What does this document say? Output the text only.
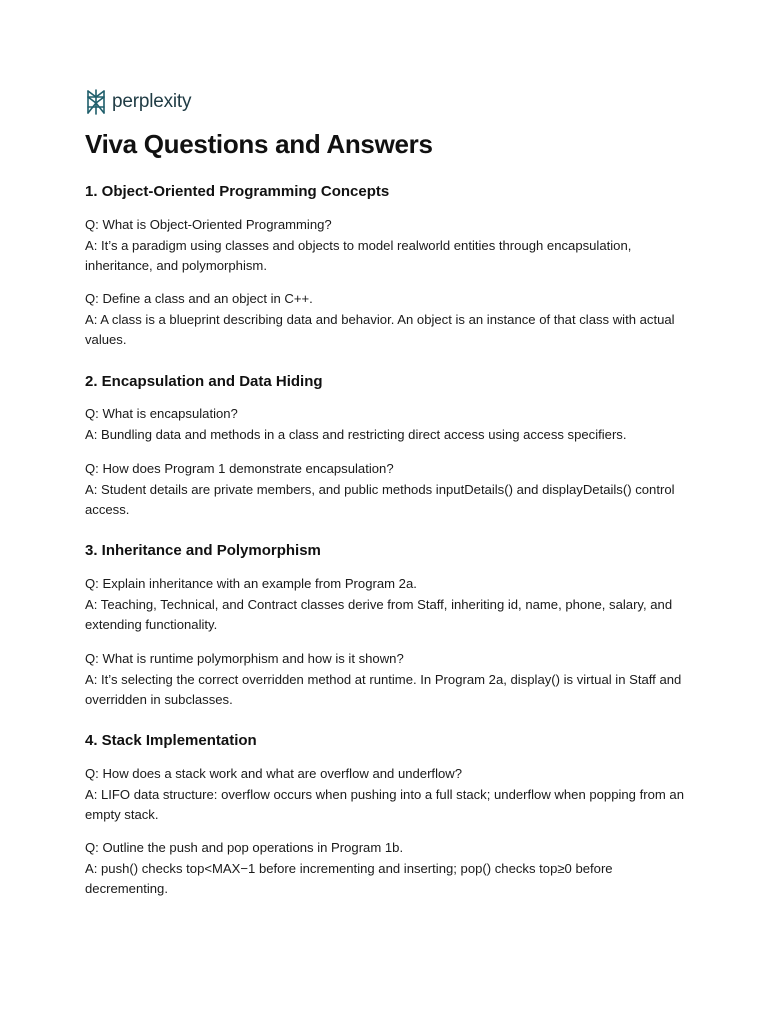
perplexity
Viva Questions and Answers
1. Object-Oriented Programming Concepts

Q: What is Object-Oriented Programming?

A: It’s a paradigm using classes and objects to model realworld entities through encapsulation, inheritance, and polymorphism.

Q: Define a class and an object in C++.

A: A class is a blueprint describing data and behavior. An object is an instance of that class with actual values.

2. Encapsulation and Data Hiding

Q: What is encapsulation?

A: Bundling data and methods in a class and restricting direct access using access specifiers.

Q: How does Program 1 demonstrate encapsulation?

A: Student details are private members, and public methods inputDetails() and displayDetails() control access.

3. Inheritance and Polymorphism

Q: Explain inheritance with an example from Program 2a.

A: Teaching, Technical, and Contract classes derive from Staff, inheriting id, name, phone, salary, and extending functionality.

Q: What is runtime polymorphism and how is it shown?

A: It’s selecting the correct overridden method at runtime. In Program 2a, display() is virtual in Staff and overridden in subclasses.

4. Stack Implementation

Q: How does a stack work and what are overflow and underflow?

A: LIFO data structure: overflow occurs when pushing into a full stack; underflow when popping from an empty stack.

Q: Outline the push and pop operations in Program 1b.

A: push() checks top<MAX−1 before incrementing and inserting; pop() checks top≥0 before decrementing.
